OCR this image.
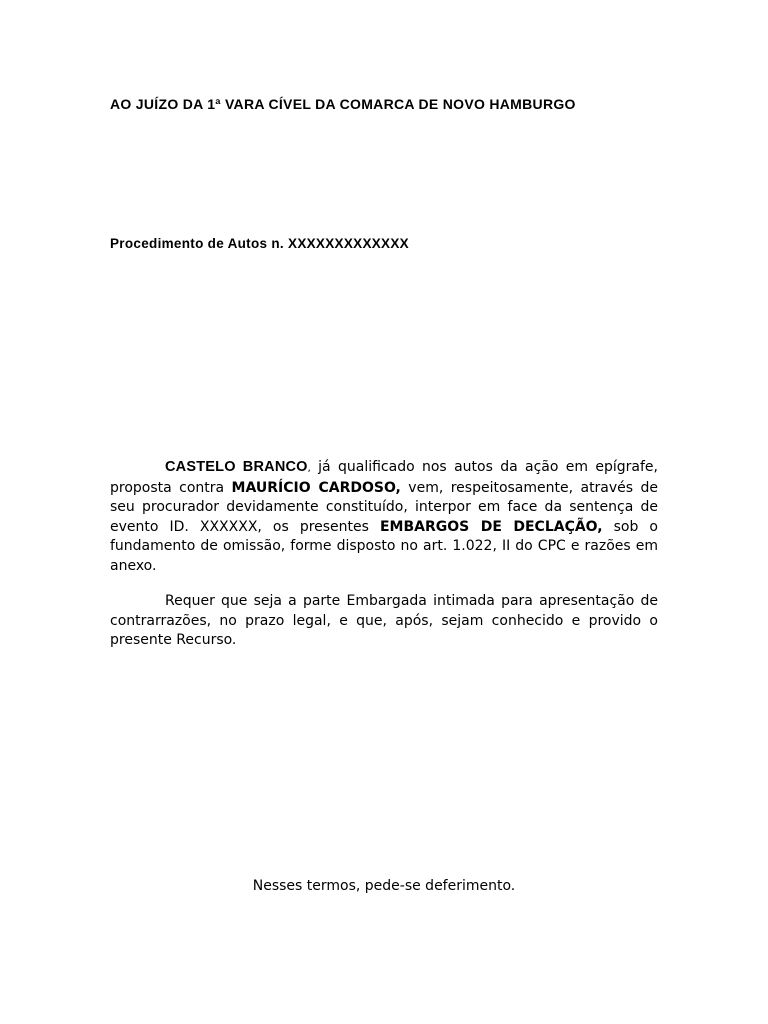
AO JUÍZO DA 1ª VARA CÍVEL DA COMARCA DE NOVO HAMBURGO
Procedimento de Autos n. XXXXXXXXXXXXX
CASTELO BRANCO, já qualificado nos autos da ação em epígrafe, proposta contra MAURÍCIO CARDOSO, vem, respeitosamente, através de seu procurador devidamente constituído, interpor em face da sentença de evento ID. XXXXXX, os presentes EMBARGOS DE DECLAÇÃO, sob o fundamento de omissão, forme disposto no art. 1.022, II do CPC e razões em anexo.
Requer que seja a parte Embargada intimada para apresentação de contrarrazões, no prazo legal, e que, após, sejam conhecido e provido o presente Recurso.
Nesses termos, pede-se deferimento.
